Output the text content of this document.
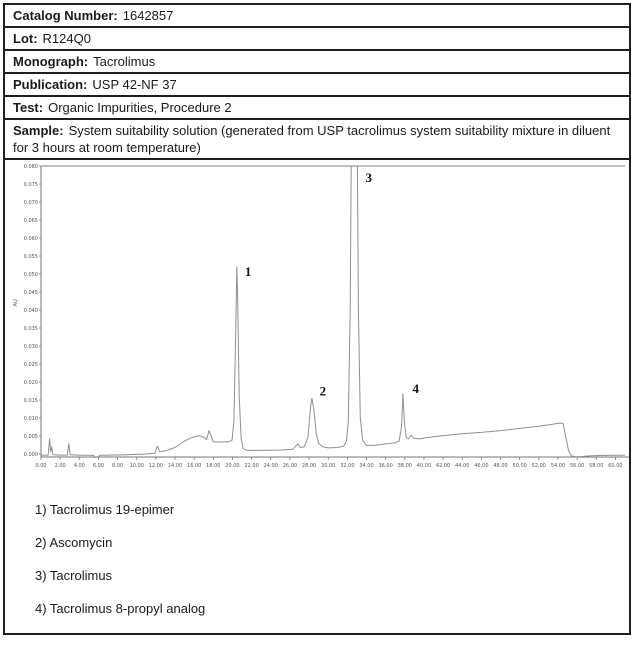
Catalog Number: 1642857
Lot: R124Q0
Monograph: Tacrolimus
Publication: USP 42-NF 37
Test: Organic Impurities, Procedure 2
Sample: System suitability solution (generated from USP tacrolimus system suitability mixture in diluent for 3 hours at room temperature)
0.000
0.005
0.010
0.015
0.020
0.025
0.030
0.035
0.040
0.045
0.050
0.055
0.060
0.065
0.070
0.075
0.080
0.00 2.00 4.00 6.00 8.00 10.00 12.00 14.00 16.00 18.00 20.00 22.00 24.00 26.00 28.00 30.00 32.00 34.00 36.00 38.00 40.00 42.00 44.00 46.00 48.00 50.00 52.00 54.00 56.00 58.00 60.00
AU
1
2
3
4

1) Tacrolimus 19-epimer

2) Ascomycin

3) Tacrolimus

4) Tacrolimus 8-propyl analog
